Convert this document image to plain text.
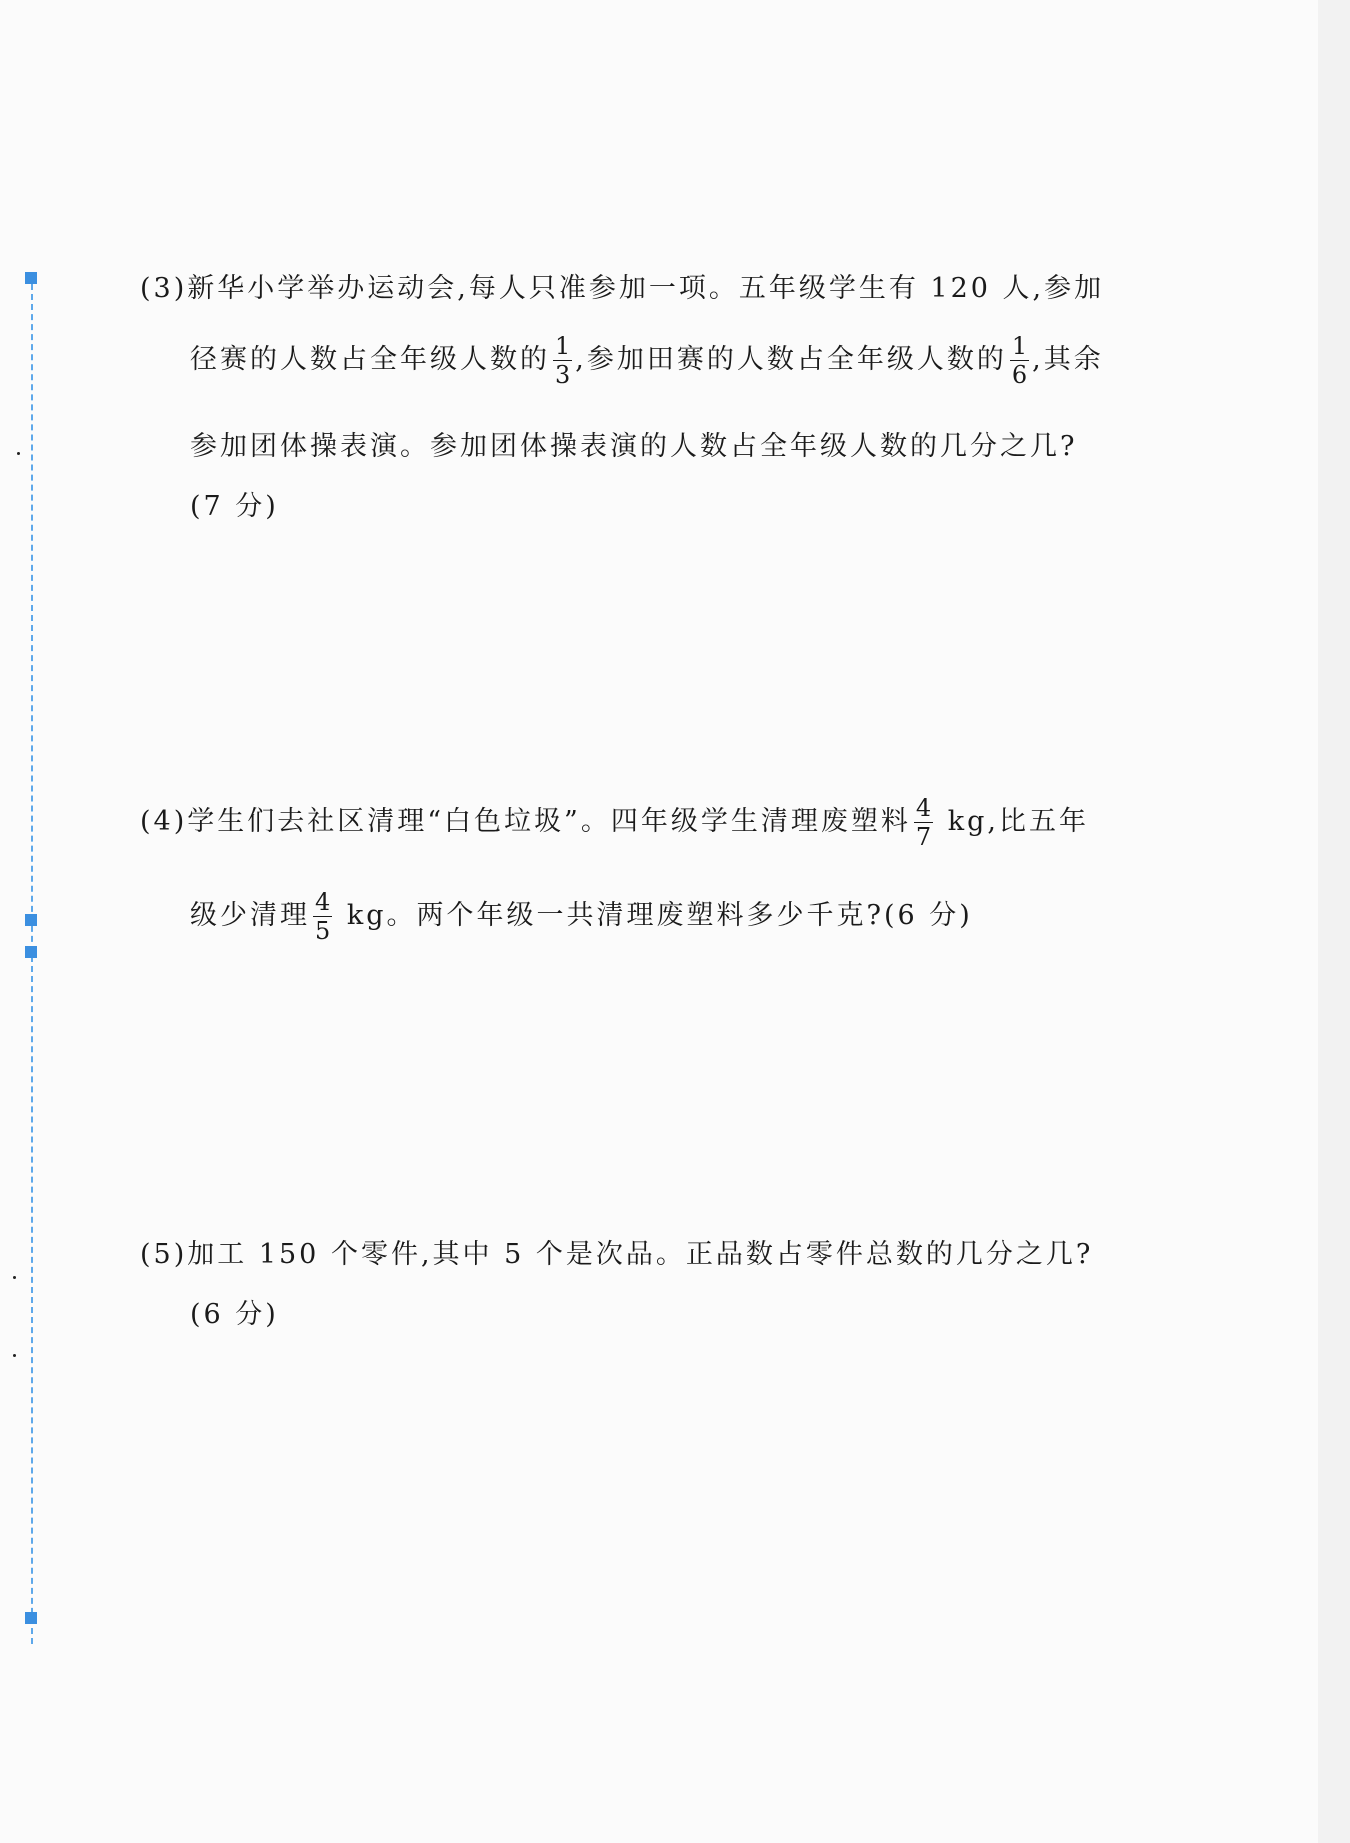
(3)新华小学举办运动会,每人只准参加一项。五年级学生有 120 人,参加
径赛的人数占全年级人数的 $\frac{1}{3}$ ,参加田赛的人数占全年级人数的 $\frac{1}{6}$ ,其余
参加团体操表演。参加团体操表演的人数占全年级人数的几分之几?
(7 分)
(4)学生们去社区清理“白色垃圾”。四年级学生清理废塑料 $\frac{4}{7}$ kg,比五年
级少清理 $\frac{4}{5}$ kg。两个年级一共清理废塑料多少千克?(6 分)
(5)加工 150 个零件,其中 5 个是次品。正品数占零件总数的几分之几?
(6 分)
